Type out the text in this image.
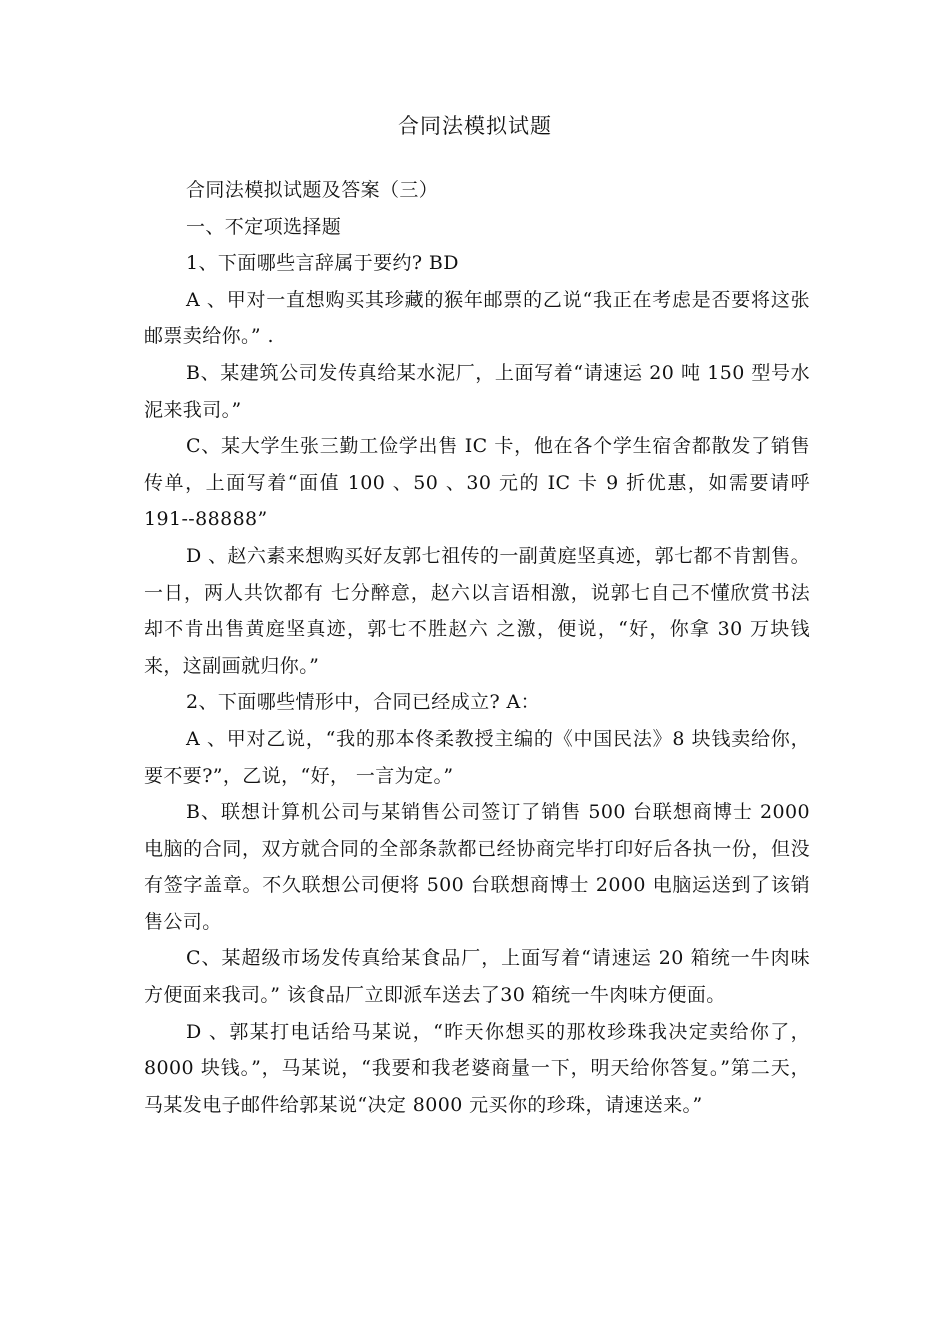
合同法模拟试题

合同法模拟试题及答案（三）

一、不定项选择题

1、下面哪些言辞属于要约? BD

A 、甲对一直想购买其珍藏的猴年邮票的乙说“我正在考虑是否要将这张邮票卖给你。” .

B、某建筑公司发传真给某水泥厂，上面写着“请速运 20 吨 150 型号水泥来我司。”

C、某大学生张三勤工俭学出售 IC 卡，他在各个学生宿舍都散发了销售传单，上面写着“面值 100 、50 、30 元的 IC 卡 9 折优惠，如需要请呼 191--88888”

D 、赵六素来想购买好友郭七祖传的一副黄庭坚真迹，郭七都不肯割售。一日，两人共饮都有 七分醉意，赵六以言语相激，说郭七自己不懂欣赏书法却不肯出售黄庭坚真迹，郭七不胜赵六 之激，便说，“好，你拿 30 万块钱来，这副画就归你。”

2、下面哪些情形中，合同已经成立? A：

A 、甲对乙说，“我的那本佟柔教授主编的《中国民法》8 块钱卖给你，要不要?”，乙说，“好， 一言为定。”

B、联想计算机公司与某销售公司签订了销售 500 台联想商博士 2000 电脑的合同，双方就合同的全部条款都已经协商完毕打印好后各执一份，但没有签字盖章。不久联想公司便将 500 台联想商博士 2000 电脑运送到了该销售公司。

C、某超级市场发传真给某食品厂，上面写着“请速运 20 箱统一牛肉味方便面来我司。” 该食品厂立即派车送去了30 箱统一牛肉味方便面。

D 、郭某打电话给马某说，“昨天你想买的那枚珍珠我决定卖给你了，8000 块钱。”，马某说，“我要和我老婆商量一下，明天给你答复。”第二天，马某发电子邮件给郭某说“决定 8000 元买你的珍珠，请速送来。”
